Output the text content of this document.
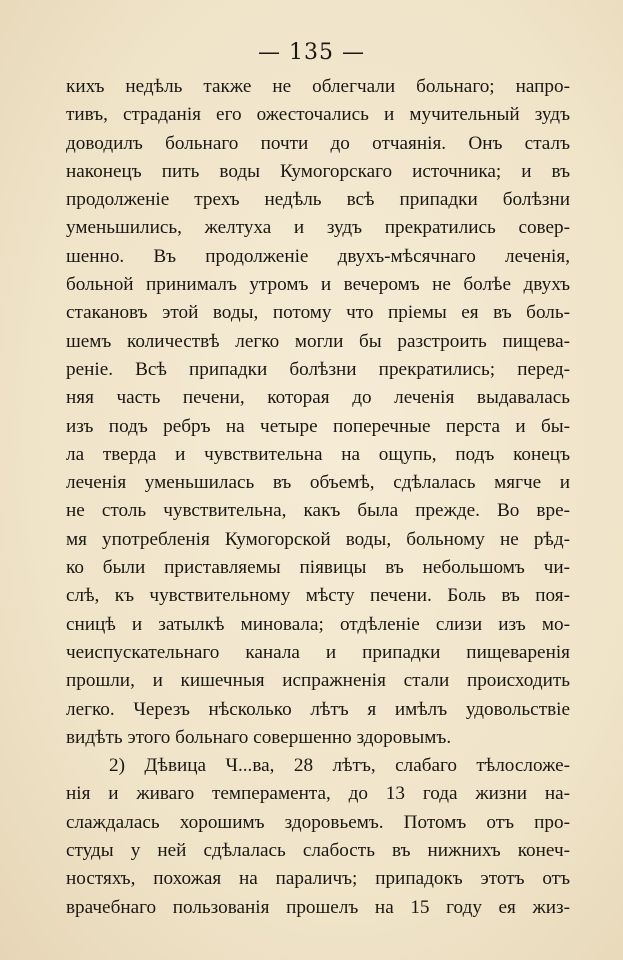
— 135 —
кихъ недѣль также не облегчали больнаго; напро-
тивъ, страданія его ожесточались и мучительный зудъ
доводилъ больнаго почти до отчаянія. Онъ сталъ
наконецъ пить воды Кумогорскаго источника; и въ
продолженіе трехъ недѣль всѣ припадки болѣзни
уменьшились, желтуха и зудъ прекратились совер-
шенно. Въ продолженіе двухъ-мѣсячнаго леченія,
больной принималъ утромъ и вечеромъ не болѣе двухъ
стакановъ этой воды, потому что пріемы ея въ боль-
шемъ количествѣ легко могли бы разстроить пищева-
реніе. Всѣ припадки болѣзни прекратились; перед-
няя часть печени, которая до леченія выдавалась
изъ подъ ребръ на четыре поперечные перста и бы-
ла тверда и чувствительна на ощупь, подъ конецъ
леченія уменьшилась въ объемѣ, сдѣлалась мягче и
не столь чувствительна, какъ была прежде. Во вре-
мя употребленія Кумогорской воды, больному не рѣд-
ко были приставляемы піявицы въ небольшомъ чи-
слѣ, къ чувствительному мѣсту печени. Боль въ поя-
сницѣ и затылкѣ миновала; отдѣленіе слизи изъ мо-
чеиспускательнаго канала и припадки пищеваренія
прошли, и кишечныя испражненія стали происходить
легко. Черезъ нѣсколько лѣтъ я имѣлъ удовольствіе
видѣть этого больнаго совершенно здоровымъ.
2) Дѣвица Ч...ва, 28 лѣтъ, слабаго тѣлосложе-
нія и живаго темперамента, до 13 года жизни на-
слаждалась хорошимъ здоровьемъ. Потомъ отъ про-
студы у ней сдѣлалась слабость въ нижнихъ конеч-
ностяхъ, похожая на параличъ; припадокъ этотъ отъ
врачебнаго пользованія прошелъ на 15 году ея жиз-
